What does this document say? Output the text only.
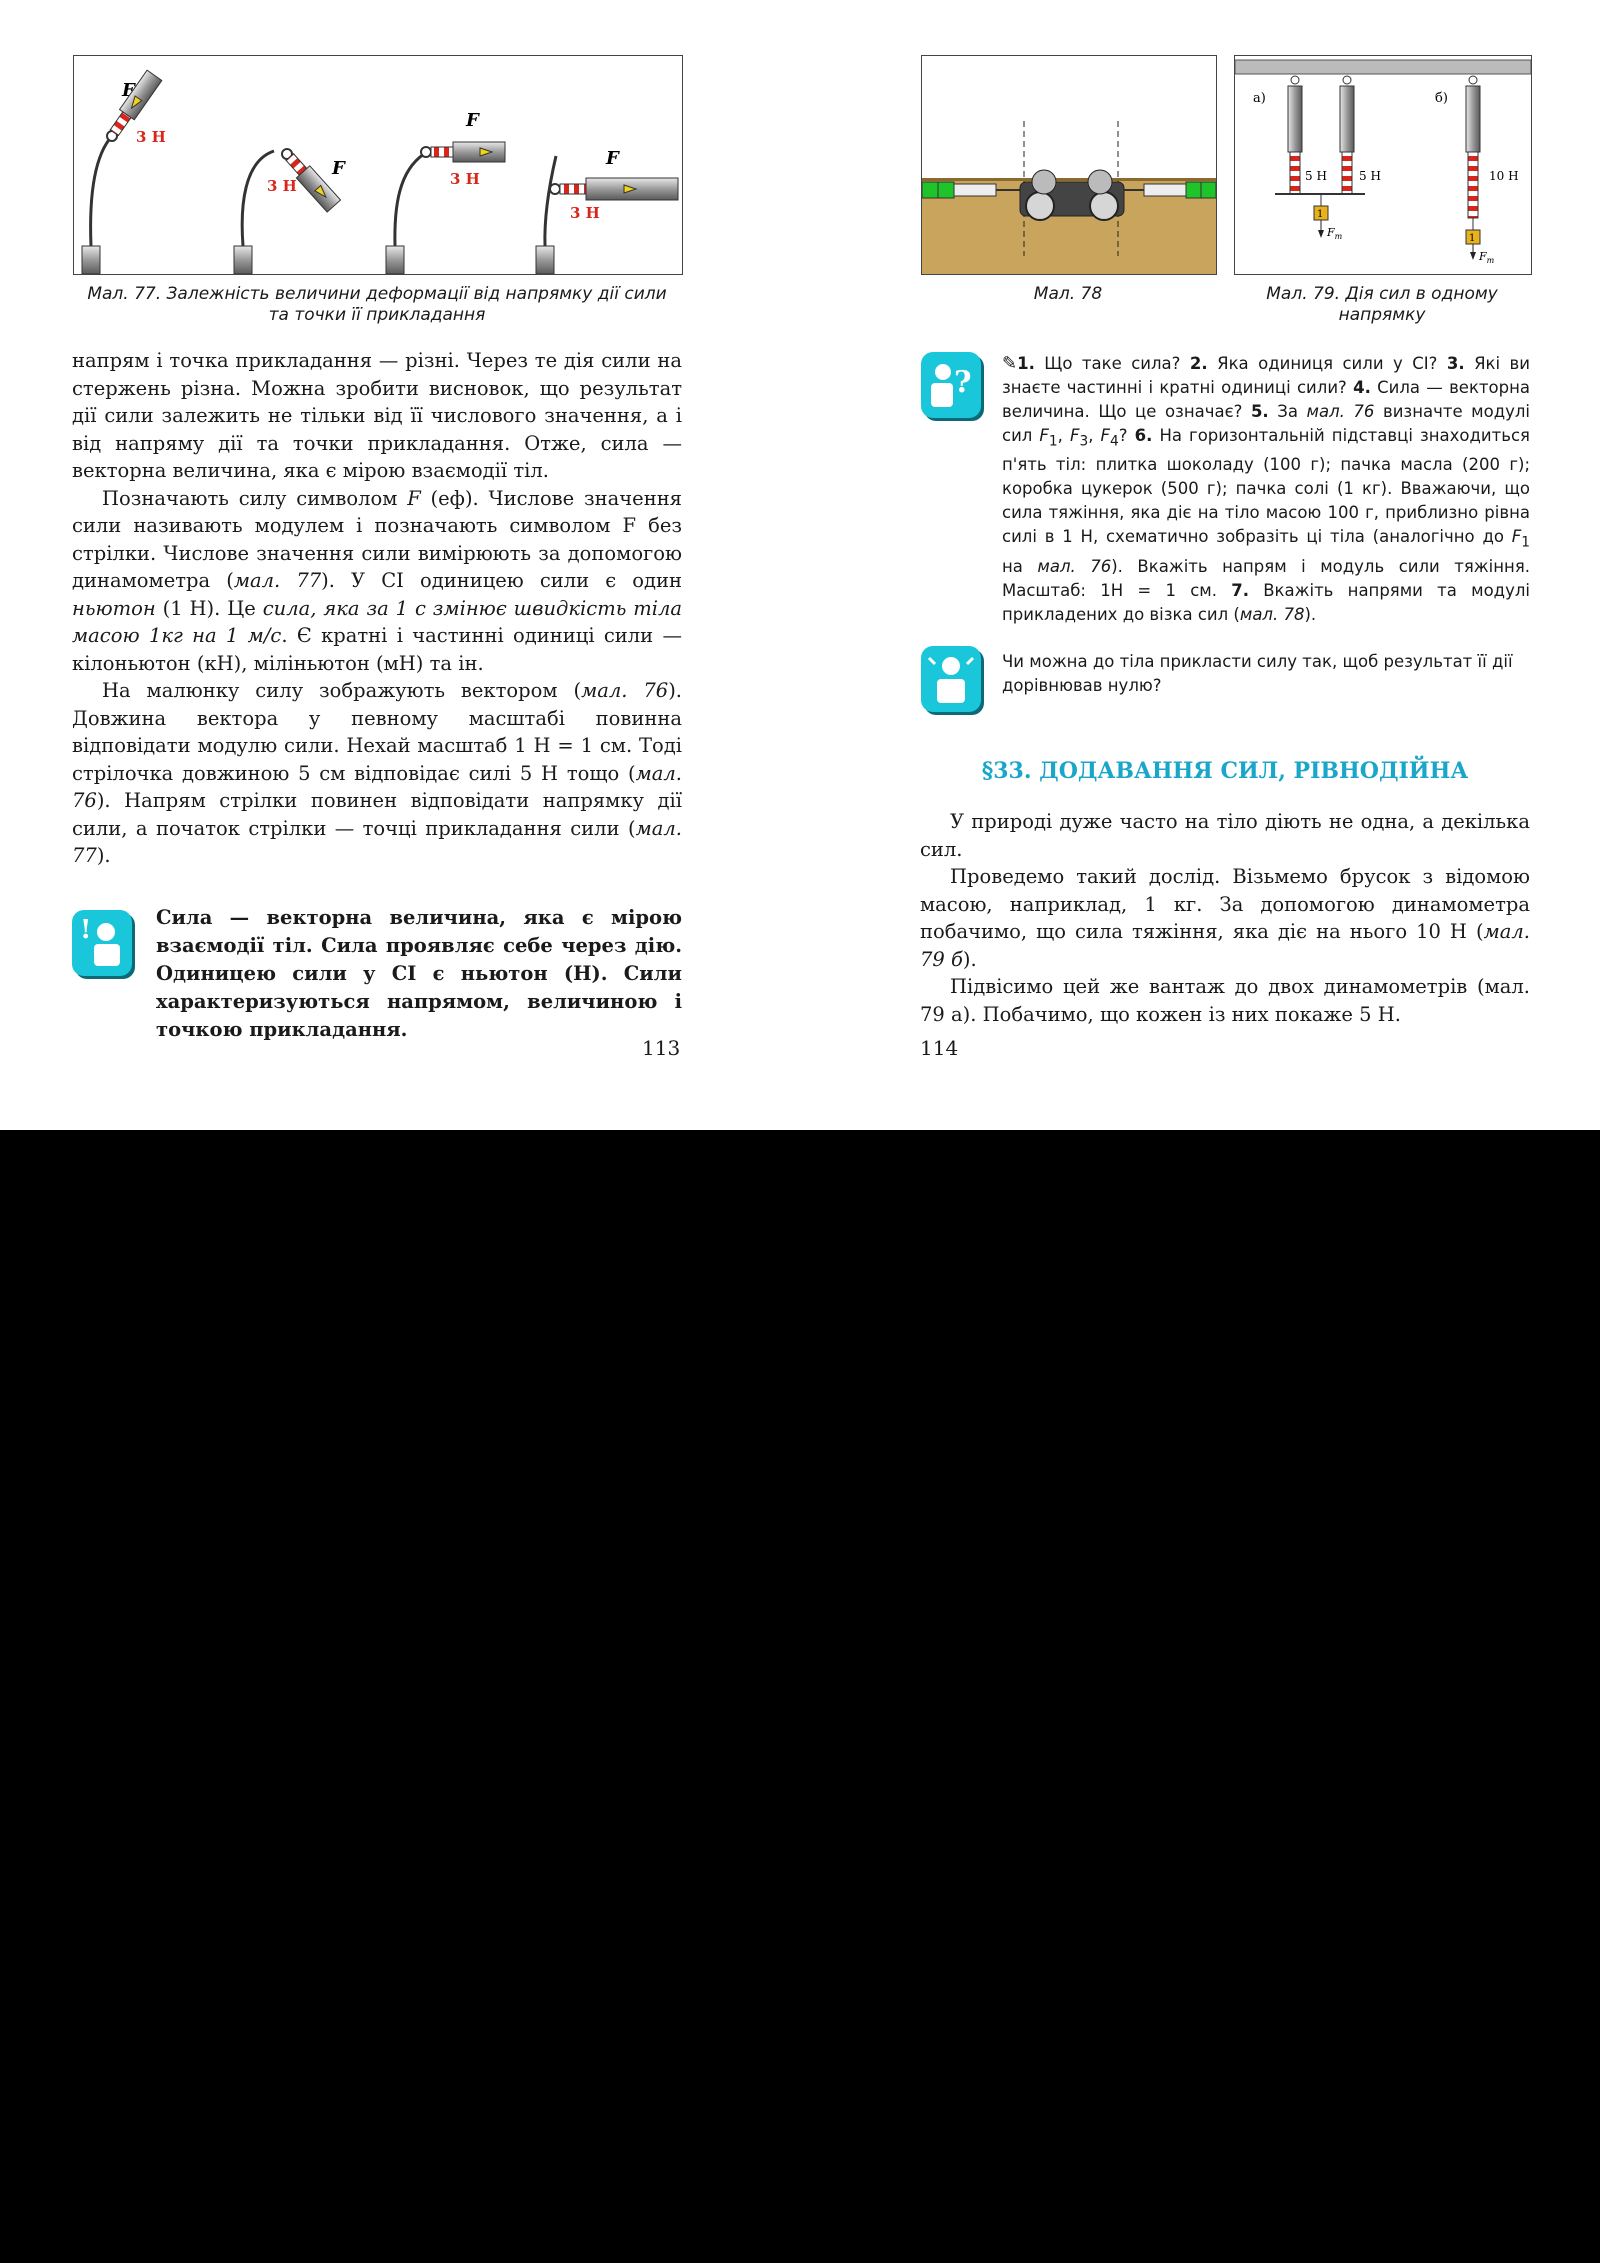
F
3 Н
F
3 Н
F
3 Н
F
3 Н
Мал. 77. Залежність величини деформації від напрямку дії сили
та точки її прикладання

напрям і точка прикладання — різні. Через те дія сили на стержень різна. Можна зробити висновок, що результат дії сили залежить не тільки від її числового значення, а і від напряму дії та точки прикладання. Отже, сила — векторна величина, яка є мірою взаємодії тіл.

Позначають силу символом F (еф). Числове значення сили називають модулем і позначають символом F без стрілки. Числове значення сили вимірюють за допомогою динамометра (мал. 77). У СІ одиницею сили є один ньютон (1 Н). Це сила, яка за 1 с змінює швидкість тіла масою 1кг на 1 м/с. Є кратні і частинні одиниці сили — кілоньютон (кН), мілiньютон (мН) та ін.

На малюнку силу зображують вектором (мал. 76). Довжина вектора у певному масштабі повинна відповідати модулю сили. Нехай масштаб 1 Н = 1 см. Тоді стрілочка довжиною 5 см відповідає силі 5 Н тощо (мал. 76). Напрям стрілки повинен відповідати напрямку дії сили, а початок стрілки — точці прикладання сили (мал. 77).

!	Сила — векторна величина, яка є мірою взаємодії тіл. Сила проявляє себе через дію. Одиницею сили у СІ є ньютон (Н). Сили характеризуються напрямом, величиною і точкою прикладання.

113
Мал. 78
а)	б)
5 Н	5 Н
1
$F_т$
10 Н
1
$F_т$
Мал. 79. Дія сил в одному
напрямку
?
✎1. Що таке сила? 2. Яка одиниця сили у СІ? 3. Які ви знаєте частинні і кратні одиниці сили? 4. Сила — векторна величина. Що це означає? 5. За мал. 76 визначте модулі сил $F_1$, $F_3$, $F_4$? 6. На горизонтальній підставці знаходиться п'ять тіл: плитка шоколаду (100 г); пачка масла (200 г); коробка цукерок (500 г); пачка солі (1 кг). Вважаючи, що сила тяжіння, яка діє на тіло масою 100 г, приблизно рівна силі в 1 Н, схематично зобразіть ці тіла (аналогічно до $F_1$ на мал. 76). Вкажіть напрям і модуль сили тяжіння. Масштаб: 1Н = 1 см. 7. Вкажіть напрями та модулі прикладених до візка сил (мал. 78).
Чи можна до тіла прикласти силу так, щоб результат її дії дорівнював нулю?
§33. ДОДАВАННЯ СИЛ, РІВНОДІЙНА

У природі дуже часто на тіло діють не одна, а декілька сил.

Проведемо такий дослід. Візьмемо брусок з відомою масою, наприклад, 1 кг. За допомогою динамометра побачимо, що сила тяжіння, яка діє на нього 10 Н (мал. 79 б).

Підвісимо цей же вантаж до двох динамометрів (мал. 79 а). Побачимо, що кожен із них покаже 5 Н.

114
